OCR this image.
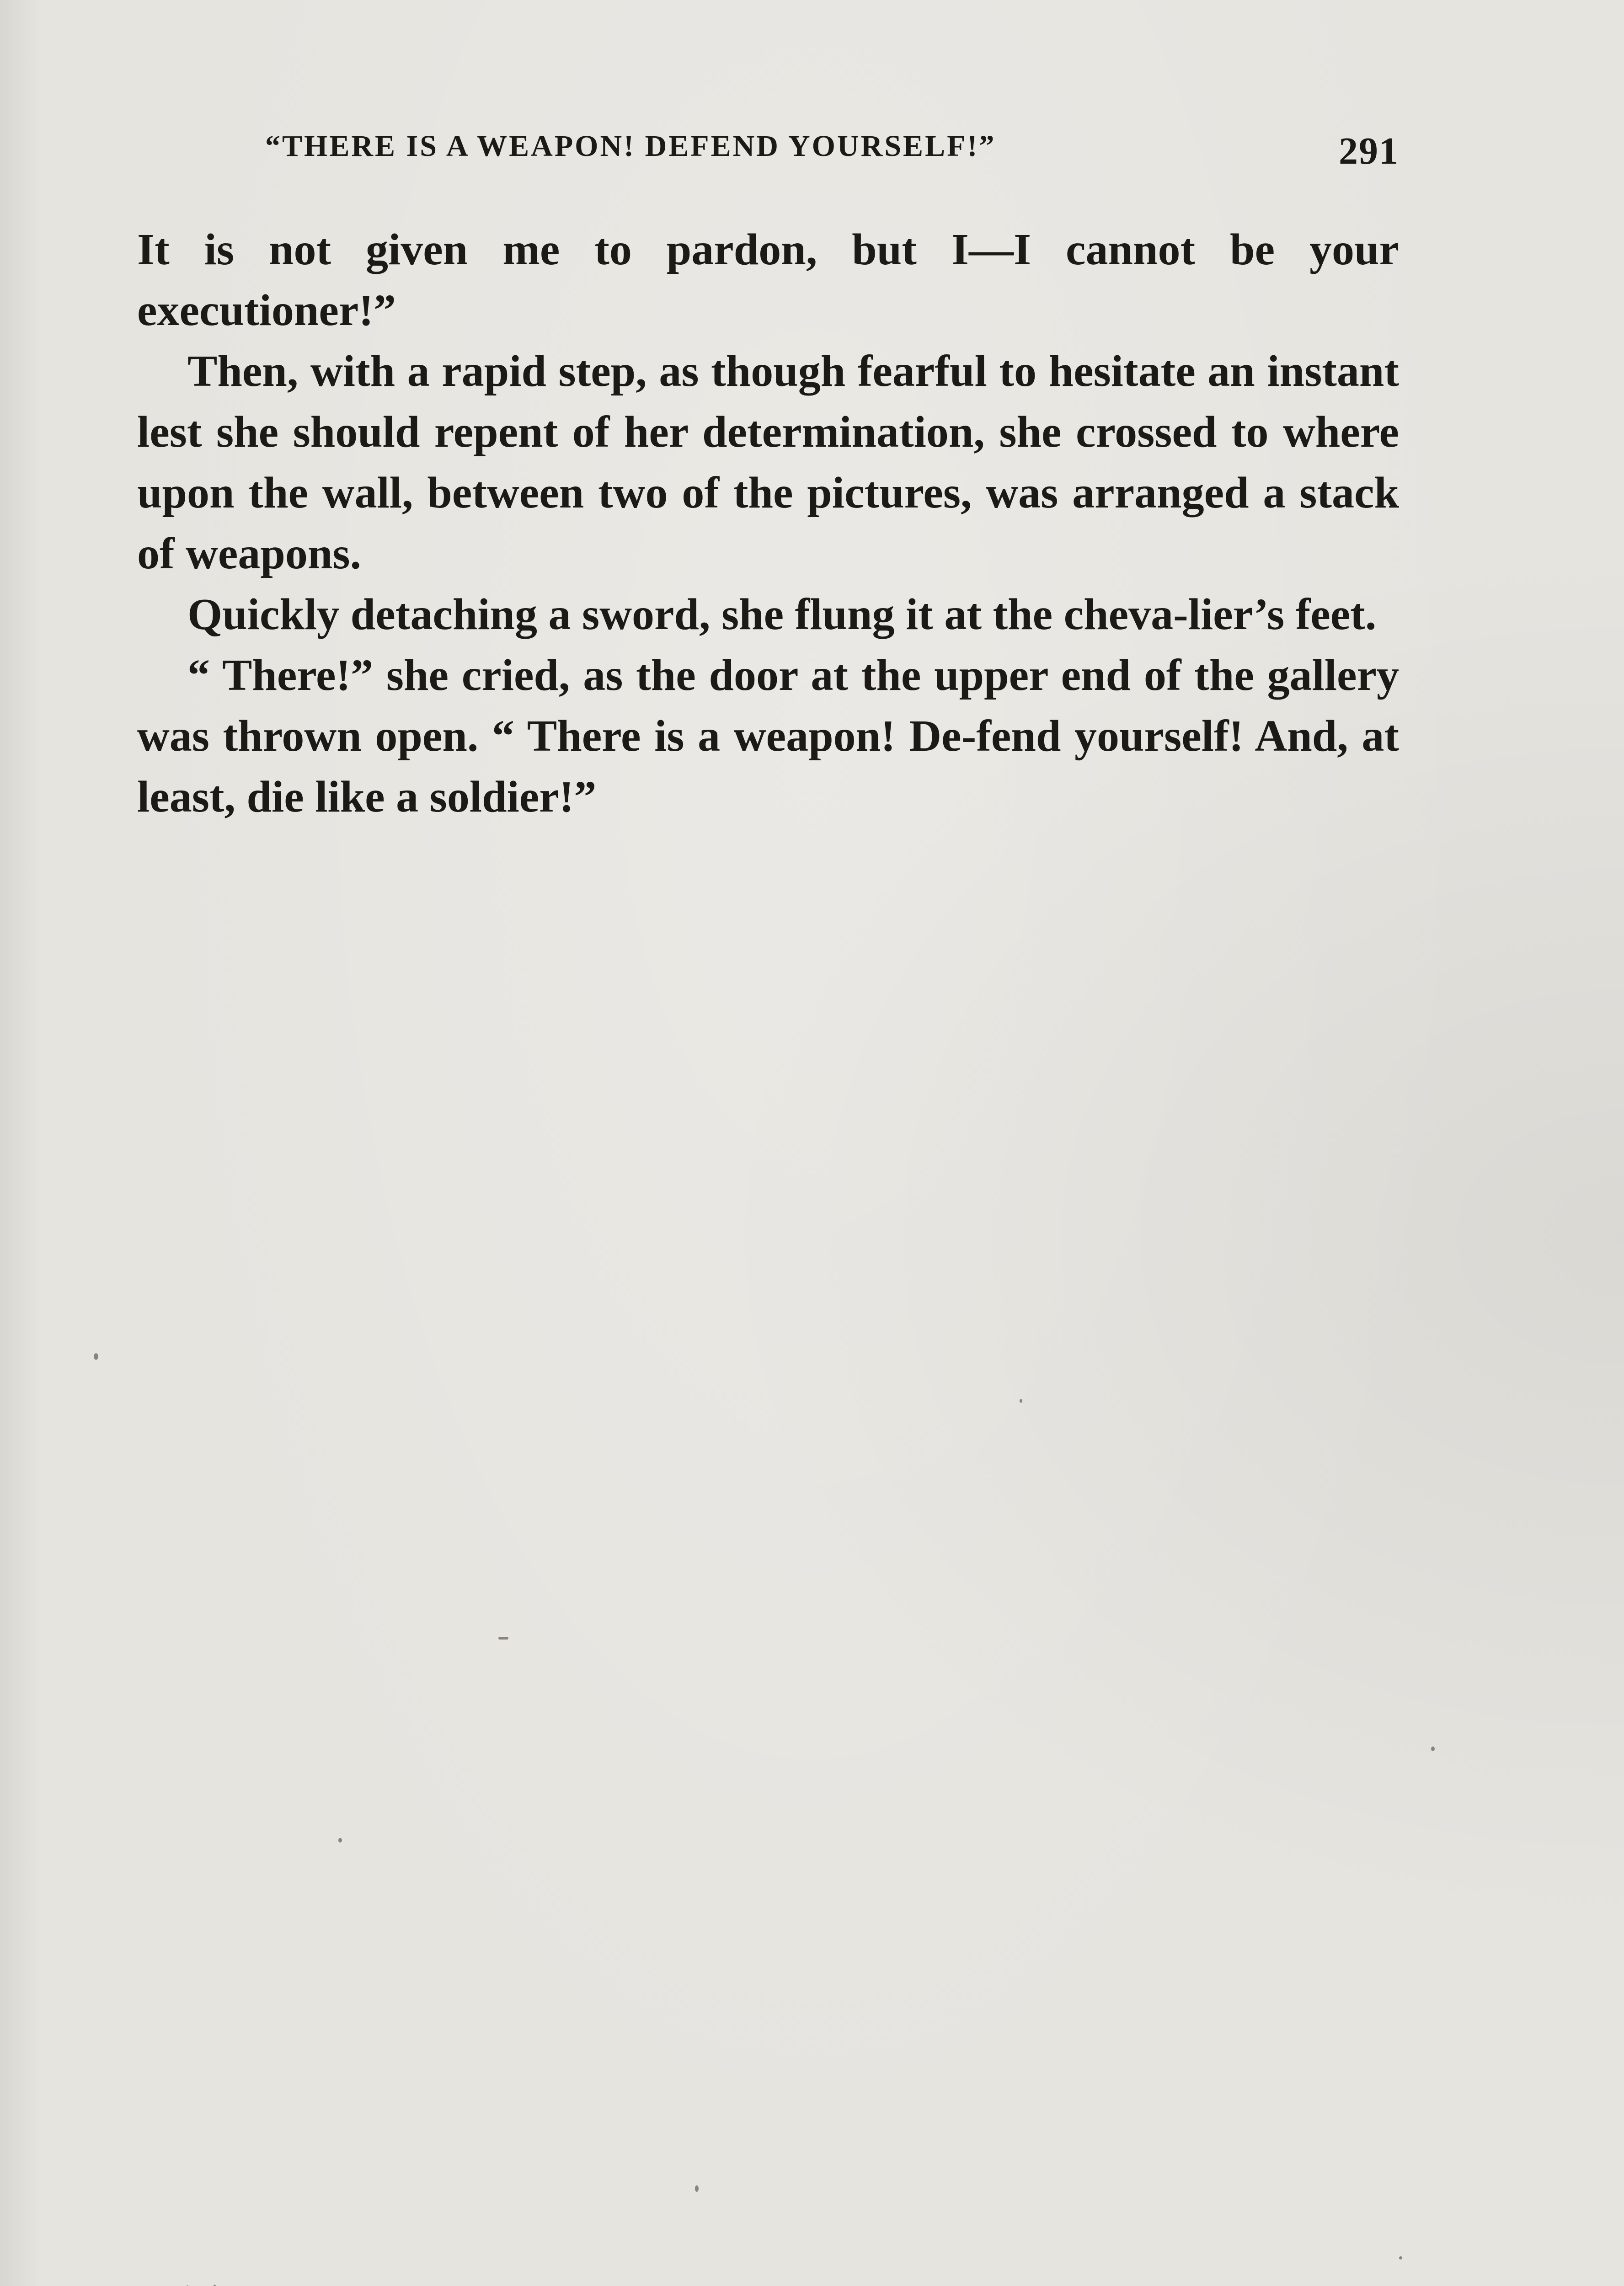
“THERE IS A WEAPON! DEFEND YOURSELF!”	291

It is not given me to pardon, but I—I cannot be your executioner!”

Then, with a rapid step, as though fearful to hesitate an instant lest she should repent of her determination, she crossed to where upon the wall, between two of the pictures, was arranged a stack of weapons.

Quickly detaching a sword, she flung it at the cheva-lier’s feet.

“ There!” she cried, as the door at the upper end of the gallery was thrown open. “ There is a weapon! De-fend yourself! And, at least, die like a soldier!”
